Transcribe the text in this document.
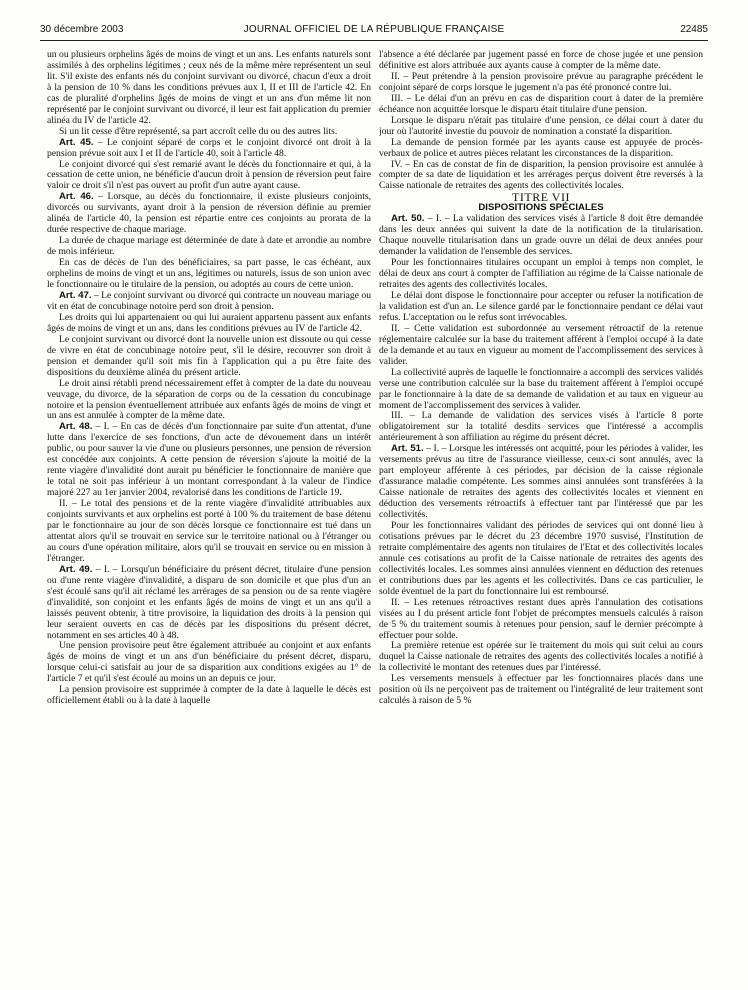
30 décembre 2003	JOURNAL OFFICIEL DE LA RÉPUBLIQUE FRANÇAISE	22485

un ou plusieurs orphelins âgés de moins de vingt et un ans. Les enfants naturels sont assimilés à des orphelins légitimes ; ceux nés de la même mère représentent un seul lit. S'il existe des enfants nés du conjoint survivant ou divorcé, chacun d'eux a droit à la pension de 10 % dans les conditions prévues aux I, II et III de l'article 42. En cas de pluralité d'orphelins âgés de moins de vingt et un ans d'un même lit non représenté par le conjoint survivant ou divorcé, il leur est fait application du premier alinéa du IV de l'article 42.

Si un lit cesse d'être représenté, sa part accroît celle du ou des autres lits.

Art. 45. – Le conjoint séparé de corps et le conjoint divorcé ont droit à la pension prévue soit aux I et II de l'article 40, soit à l'article 48.

Le conjoint divorcé qui s'est remarié avant le décès du fonctionnaire et qui, à la cessation de cette union, ne bénéficie d'aucun droit à pension de réversion peut faire valoir ce droit s'il n'est pas ouvert au profit d'un autre ayant cause.

Art. 46. – Lorsque, au décès du fonctionnaire, il existe plusieurs conjoints, divorcés ou survivants, ayant droit à la pension de réversion définie au premier alinéa de l'article 40, la pension est répartie entre ces conjoints au prorata de la durée respective de chaque mariage.

La durée de chaque mariage est déterminée de date à date et arrondie au nombre de mois inférieur.

En cas de décès de l'un des bénéficiaires, sa part passe, le cas échéant, aux orphelins de moins de vingt et un ans, légitimes ou naturels, issus de son union avec le fonctionnaire ou le titulaire de la pension, ou adoptés au cours de cette union.

Art. 47. – Le conjoint survivant ou divorcé qui contracte un nouveau mariage ou vit en état de concubinage notoire perd son droit à pension.

Les droits qui lui appartenaient ou qui lui auraient appartenu passent aux enfants âgés de moins de vingt et un ans, dans les conditions prévues au IV de l'article 42.

Le conjoint survivant ou divorcé dont la nouvelle union est dissoute ou qui cesse de vivre en état de concubinage notoire peut, s'il le désire, recouvrer son droit à pension et demander qu'il soit mis fin à l'application qui a pu être faite des dispositions du deuxième alinéa du présent article.

Le droit ainsi rétabli prend nécessairement effet à compter de la date du nouveau veuvage, du divorce, de la séparation de corps ou de la cessation du concubinage notoire et la pension éventuellement attribuée aux enfants âgés de moins de vingt et un ans est annulée à compter de la même date.

Art. 48. – I. – En cas de décès d'un fonctionnaire par suite d'un attentat, d'une lutte dans l'exercice de ses fonctions, d'un acte de dévouement dans un intérêt public, ou pour sauver la vie d'une ou plusieurs personnes, une pension de réversion est concédée aux conjoints. A cette pension de réversion s'ajoute la moitié de la rente viagère d'invalidité dont aurait pu bénéficier le fonctionnaire de manière que le total ne soit pas inférieur à un montant correspondant à la valeur de l'indice majoré 227 au 1er janvier 2004, revalorisé dans les conditions de l'article 19.

II. – Le total des pensions et de la rente viagère d'invalidité attribuables aux conjoints survivants et aux orphelins est porté à 100 % du traitement de base détenu par le fonctionnaire au jour de son décès lorsque ce fonctionnaire est tué dans un attentat alors qu'il se trouvait en service sur le territoire national ou à l'étranger ou au cours d'une opération militaire, alors qu'il se trouvait en service ou en mission à l'étranger.

Art. 49. – I. – Lorsqu'un bénéficiaire du présent décret, titulaire d'une pension ou d'une rente viagère d'invalidité, a disparu de son domicile et que plus d'un an s'est écoulé sans qu'il ait réclamé les arrérages de sa pension ou de sa rente viagère d'invalidité, son conjoint et les enfants âgés de moins de vingt et un ans qu'il a laissés peuvent obtenir, à titre provisoire, la liquidation des droits à la pension qui leur seraient ouverts en cas de décès par les dispositions du présent décret, notamment en ses articles 40 à 48.

Une pension provisoire peut être également attribuée au conjoint et aux enfants âgés de moins de vingt et un ans d'un bénéficiaire du présent décret, disparu, lorsque celui-ci satisfait au jour de sa disparition aux conditions exigées au 1° de l'article 7 et qu'il s'est écoulé au moins un an depuis ce jour.

La pension provisoire est supprimée à compter de la date à laquelle le décès est officiellement établi ou à la date à laquelle

l'absence a été déclarée par jugement passé en force de chose jugée et une pension définitive est alors attribuée aux ayants cause à compter de la même date.

II. – Peut prétendre à la pension provisoire prévue au paragraphe précédent le conjoint séparé de corps lorsque le jugement n'a pas été prononcé contre lui.

III. – Le délai d'un an prévu en cas de disparition court à dater de la première échéance non acquittée lorsque le disparu était titulaire d'une pension.

Lorsque le disparu n'était pas titulaire d'une pension, ce délai court à dater du jour où l'autorité investie du pouvoir de nomination a constaté la disparition.

La demande de pension formée par les ayants cause est appuyée de procès-verbaux de police et autres pièces relatant les circonstances de la disparition.

IV. – En cas de constat de fin de disparition, la pension provisoire est annulée à compter de sa date de liquidation et les arrérages perçus doivent être reversés à la Caisse nationale de retraites des agents des collectivités locales.

TITRE VII

DISPOSITIONS SPÉCIALES

Art. 50. – I. – La validation des services visés à l'article 8 doit être demandée dans les deux années qui suivent la date de la notification de la titularisation. Chaque nouvelle titularisation dans un grade ouvre un délai de deux années pour demander la validation de l'ensemble des services.

Pour les fonctionnaires titulaires occupant un emploi à temps non complet, le délai de deux ans court à compter de l'affiliation au régime de la Caisse nationale de retraites des agents des collectivités locales.

Le délai dont dispose le fonctionnaire pour accepter ou refuser la notification de la validation est d'un an. Le silence gardé par le fonctionnaire pendant ce délai vaut refus. L'acceptation ou le refus sont irrévocables.

II. – Cette validation est subordonnée au versement rétroactif de la retenue réglementaire calculée sur la base du traitement afférent à l'emploi occupé à la date de la demande et au taux en vigueur au moment de l'accomplissement des services à valider.

La collectivité auprès de laquelle le fonctionnaire a accompli des services validés verse une contribution calculée sur la base du traitement afférent à l'emploi occupé par le fonctionnaire à la date de sa demande de validation et au taux en vigueur au moment de l'accomplissement des services à valider.

III. – La demande de validation des services visés à l'article 8 porte obligatoirement sur la totalité desdits services que l'intéressé a accomplis antérieurement à son affiliation au régime du présent décret.

Art. 51. – I. – Lorsque les intéressés ont acquitté, pour les périodes à valider, les versements prévus au titre de l'assurance vieillesse, ceux-ci sont annulés, avec la part employeur afférente à ces périodes, par décision de la caisse régionale d'assurance maladie compétente. Les sommes ainsi annulées sont transférées à la Caisse nationale de retraites des agents des collectivités locales et viennent en déduction des versements rétroactifs à effectuer tant par l'intéressé que par les collectivités.

Pour les fonctionnaires validant des périodes de services qui ont donné lieu à cotisations prévues par le décret du 23 décembre 1970 susvisé, l'Institution de retraite complémentaire des agents non titulaires de l'Etat et des collectivités locales annule ces cotisations au profit de la Caisse nationale de retraites des agents des collectivités locales. Les sommes ainsi annulées viennent en déduction des retenues et contributions dues par les agents et les collectivités. Dans ce cas particulier, le solde éventuel de la part du fonctionnaire lui est remboursé.

II. – Les retenues rétroactives restant dues après l'annulation des cotisations visées au I du présent article font l'objet de précomptes mensuels calculés à raison de 5 % du traitement soumis à retenues pour pension, sauf le dernier précompte à effectuer pour solde.

La première retenue est opérée sur le traitement du mois qui suit celui au cours duquel la Caisse nationale de retraites des agents des collectivités locales a notifié à la collectivité le montant des retenues dues par l'intéressé.

Les versements mensuels à effectuer par les fonctionnaires placés dans une position où ils ne perçoivent pas de traitement ou l'intégralité de leur traitement sont calculés à raison de 5 %
